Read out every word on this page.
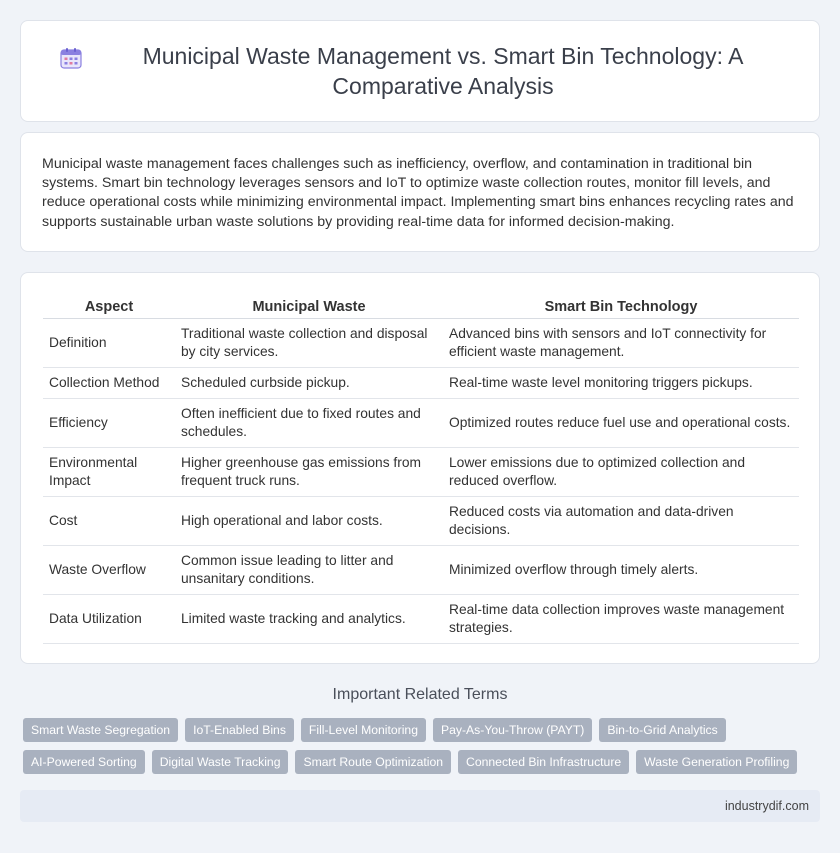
Municipal Waste Management vs. Smart Bin Technology: A Comparative Analysis

Municipal waste management faces challenges such as inefficiency, overflow, and contamination in traditional bin systems. Smart bin technology leverages sensors and IoT to optimize waste collection routes, monitor fill levels, and reduce operational costs while minimizing environmental impact. Implementing smart bins enhances recycling rates and supports sustainable urban waste solutions by providing real-time data for informed decision-making.

Aspect	Municipal Waste	Smart Bin Technology
Definition	Traditional waste collection and disposal by city services.	Advanced bins with sensors and IoT connectivity for efficient waste management.
Collection Method	Scheduled curbside pickup.	Real-time waste level monitoring triggers pickups.
Efficiency	Often inefficient due to fixed routes and schedules.	Optimized routes reduce fuel use and operational costs.
Environmental Impact	Higher greenhouse gas emissions from frequent truck runs.	Lower emissions due to optimized collection and reduced overflow.
Cost	High operational and labor costs.	Reduced costs via automation and data-driven decisions.
Waste Overflow	Common issue leading to litter and unsanitary conditions.	Minimized overflow through timely alerts.
Data Utilization	Limited waste tracking and analytics.	Real-time data collection improves waste management strategies.
Important Related Terms
Smart Waste Segregation	IoT-Enabled Bins	Fill-Level Monitoring	Pay-As-You-Throw (PAYT)	Bin-to-Grid Analytics
AI-Powered Sorting	Digital Waste Tracking	Smart Route Optimization	Connected Bin Infrastructure	Waste Generation Profiling
industrydif.com
